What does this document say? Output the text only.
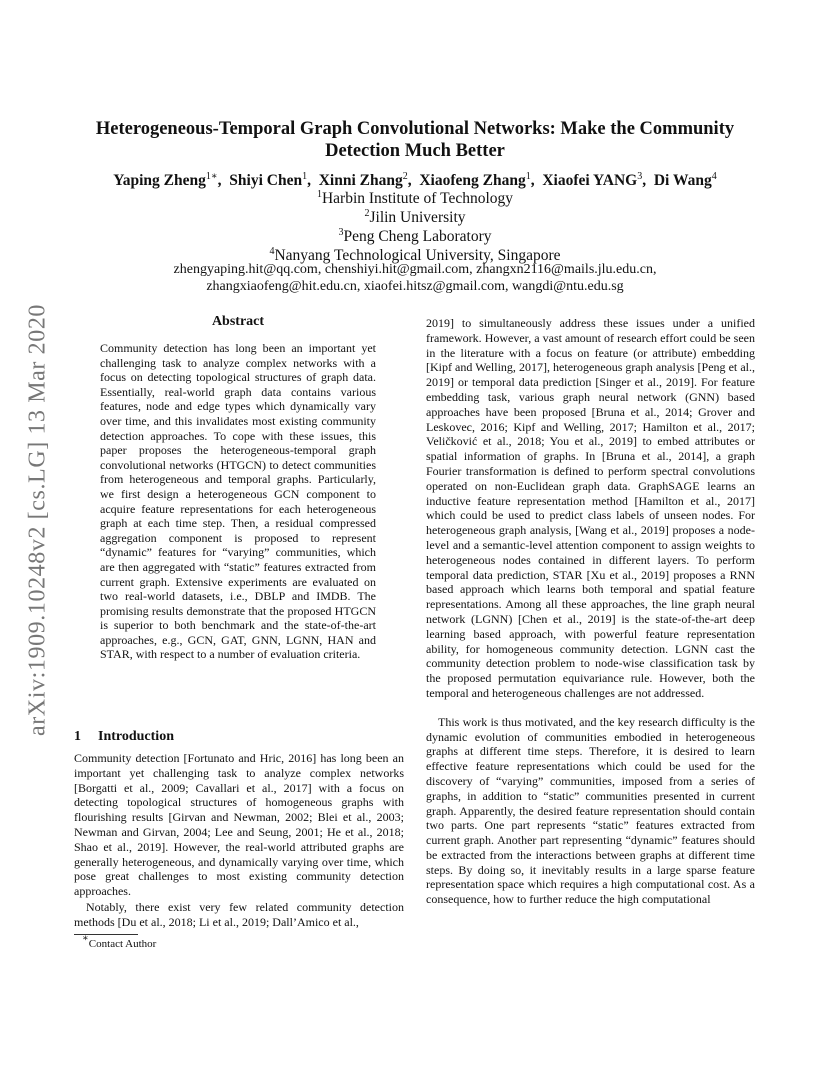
arXiv:1909.10248v2 [cs.LG] 13 Mar 2020
Heterogeneous-Temporal Graph Convolutional Networks: Make the Community Detection Much Better
Yaping Zheng$^{1∗}$,  Shiyi Chen$^1$,  Xinni Zhang$^2$,  Xiaofeng Zhang$^1$,  Xiaofei YANG$^3$,  Di Wang$^4$
$^1$Harbin Institute of Technology
$^2$Jilin University
$^3$Peng Cheng Laboratory
$^4$Nanyang Technological University, Singapore
zhengyaping.hit@qq.com, chenshiyi.hit@gmail.com, zhangxn2116@mails.jlu.edu.cn,
zhangxiaofeng@hit.edu.cn, xiaofei.hitsz@gmail.com, wangdi@ntu.edu.sg
Abstract
Community detection has long been an important yet challenging task to analyze complex networks with a focus on detecting topological structures of graph data. Essentially, real-world graph data contains various features, node and edge types which dynamically vary over time, and this invalidates most existing community detection approaches. To cope with these issues, this paper proposes the heterogeneous-temporal graph convolutional networks (HTGCN) to detect communities from heterogeneous and temporal graphs. Particularly, we first design a heterogeneous GCN component to acquire feature representations for each heterogeneous graph at each time step. Then, a residual compressed aggregation component is proposed to represent “dynamic” features for “varying” communities, which are then aggregated with “static” features extracted from current graph. Extensive experiments are evaluated on two real-world datasets, i.e., DBLP and IMDB. The promising results demonstrate that the proposed HTGCN is superior to both benchmark and the state-of-the-art approaches, e.g., GCN, GAT, GNN, LGNN, HAN and STAR, with respect to a number of evaluation criteria.
1 Introduction

Community detection [Fortunato and Hric, 2016] has long been an important yet challenging task to analyze complex networks [Borgatti et al., 2009; Cavallari et al., 2017] with a focus on detecting topological structures of homogeneous graphs with flourishing results [Girvan and Newman, 2002; Blei et al., 2003; Newman and Girvan, 2004; Lee and Seung, 2001; He et al., 2018; Shao et al., 2019]. However, the real-world attributed graphs are generally heterogeneous, and dynamically varying over time, which pose great challenges to most existing community detection approaches.

Notably, there exist very few related community detection methods [Du et al., 2018; Li et al., 2019; Dall’Amico et al.,

2019] to simultaneously address these issues under a unified framework. However, a vast amount of research effort could be seen in the literature with a focus on feature (or attribute) embedding [Kipf and Welling, 2017], heterogeneous graph analysis [Peng et al., 2019] or temporal data prediction [Singer et al., 2019]. For feature embedding task, various graph neural network (GNN) based approaches have been proposed [Bruna et al., 2014; Grover and Leskovec, 2016; Kipf and Welling, 2017; Hamilton et al., 2017; Veličković et al., 2018; You et al., 2019] to embed attributes or spatial information of graphs. In [Bruna et al., 2014], a graph Fourier transformation is defined to perform spectral convolutions operated on non-Euclidean graph data. GraphSAGE learns an inductive feature representation method [Hamilton et al., 2017] which could be used to predict class labels of unseen nodes. For heterogeneous graph analysis, [Wang et al., 2019] proposes a node-level and a semantic-level attention component to assign weights to heterogeneous nodes contained in different layers. To perform temporal data prediction, STAR [Xu et al., 2019] proposes a RNN based approach which learns both temporal and spatial feature representations. Among all these approaches, the line graph neural network (LGNN) [Chen et al., 2019] is the state-of-the-art deep learning based approach, with powerful feature representation ability, for homogeneous community detection. LGNN cast the community detection problem to node-wise classification task by the proposed permutation equivariance rule. However, both the temporal and heterogeneous challenges are not addressed.

This work is thus motivated, and the key research difficulty is the dynamic evolution of communities embodied in heterogeneous graphs at different time steps. Therefore, it is desired to learn effective feature representations which could be used for the discovery of “varying” communities, imposed from a series of graphs, in addition to “static” communities presented in current graph. Apparently, the desired feature representation should contain two parts. One part represents “static” features extracted from current graph. Another part representing “dynamic” features should be extracted from the interactions between graphs at different time steps. By doing so, it inevitably results in a large sparse feature representation space which requires a high computational cost. As a consequence, how to further reduce the high computational

∗Contact Author
